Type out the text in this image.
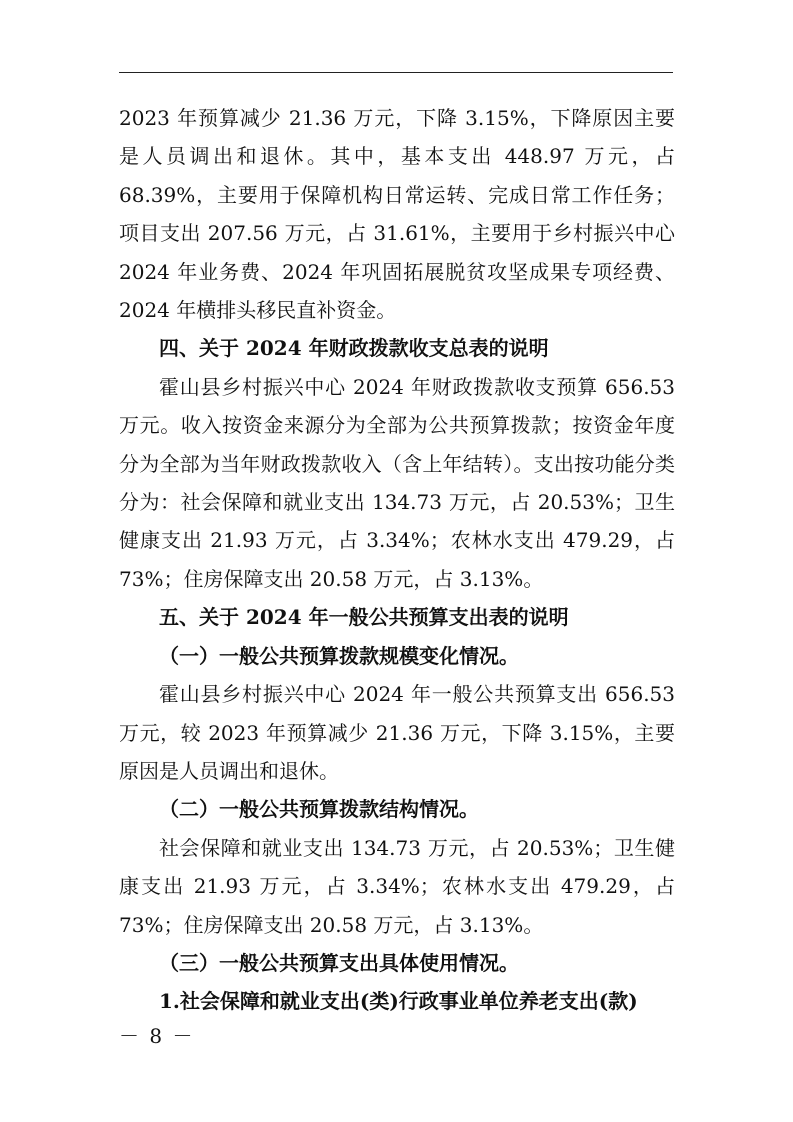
2023 年预算减少 21.36 万元，下降 3.15%，下降原因主要是人员调出和退休。其中，基本支出 448.97 万元，占 68.39%，主要用于保障机构日常运转、完成日常工作任务；项目支出 207.56 万元，占 31.61%，主要用于乡村振兴中心 2024 年业务费、2024 年巩固拓展脱贫攻坚成果专项经费、2024 年横排头移民直补资金。

四、关于 2024 年财政拨款收支总表的说明

霍山县乡村振兴中心 2024 年财政拨款收支预算 656.53 万元。收入按资金来源分为全部为公共预算拨款；按资金年度分为全部为当年财政拨款收入（含上年结转）。支出按功能分类分为：社会保障和就业支出 134.73 万元，占 20.53%；卫生健康支出 21.93 万元，占 3.34%；农林水支出 479.29，占 73%；住房保障支出 20.58 万元，占 3.13%。

五、关于 2024 年一般公共预算支出表的说明

（一）一般公共预算拨款规模变化情况。

霍山县乡村振兴中心 2024 年一般公共预算支出 656.53 万元，较 2023 年预算减少 21.36 万元，下降 3.15%，主要原因是人员调出和退休。

（二）一般公共预算拨款结构情况。

社会保障和就业支出 134.73 万元，占 20.53%；卫生健康支出 21.93 万元，占 3.34%；农林水支出 479.29，占 73%；住房保障支出 20.58 万元，占 3.13%。

（三）一般公共预算支出具体使用情况。

1.社会保障和就业支出(类)行政事业单位养老支出(款)

－ 8 －
